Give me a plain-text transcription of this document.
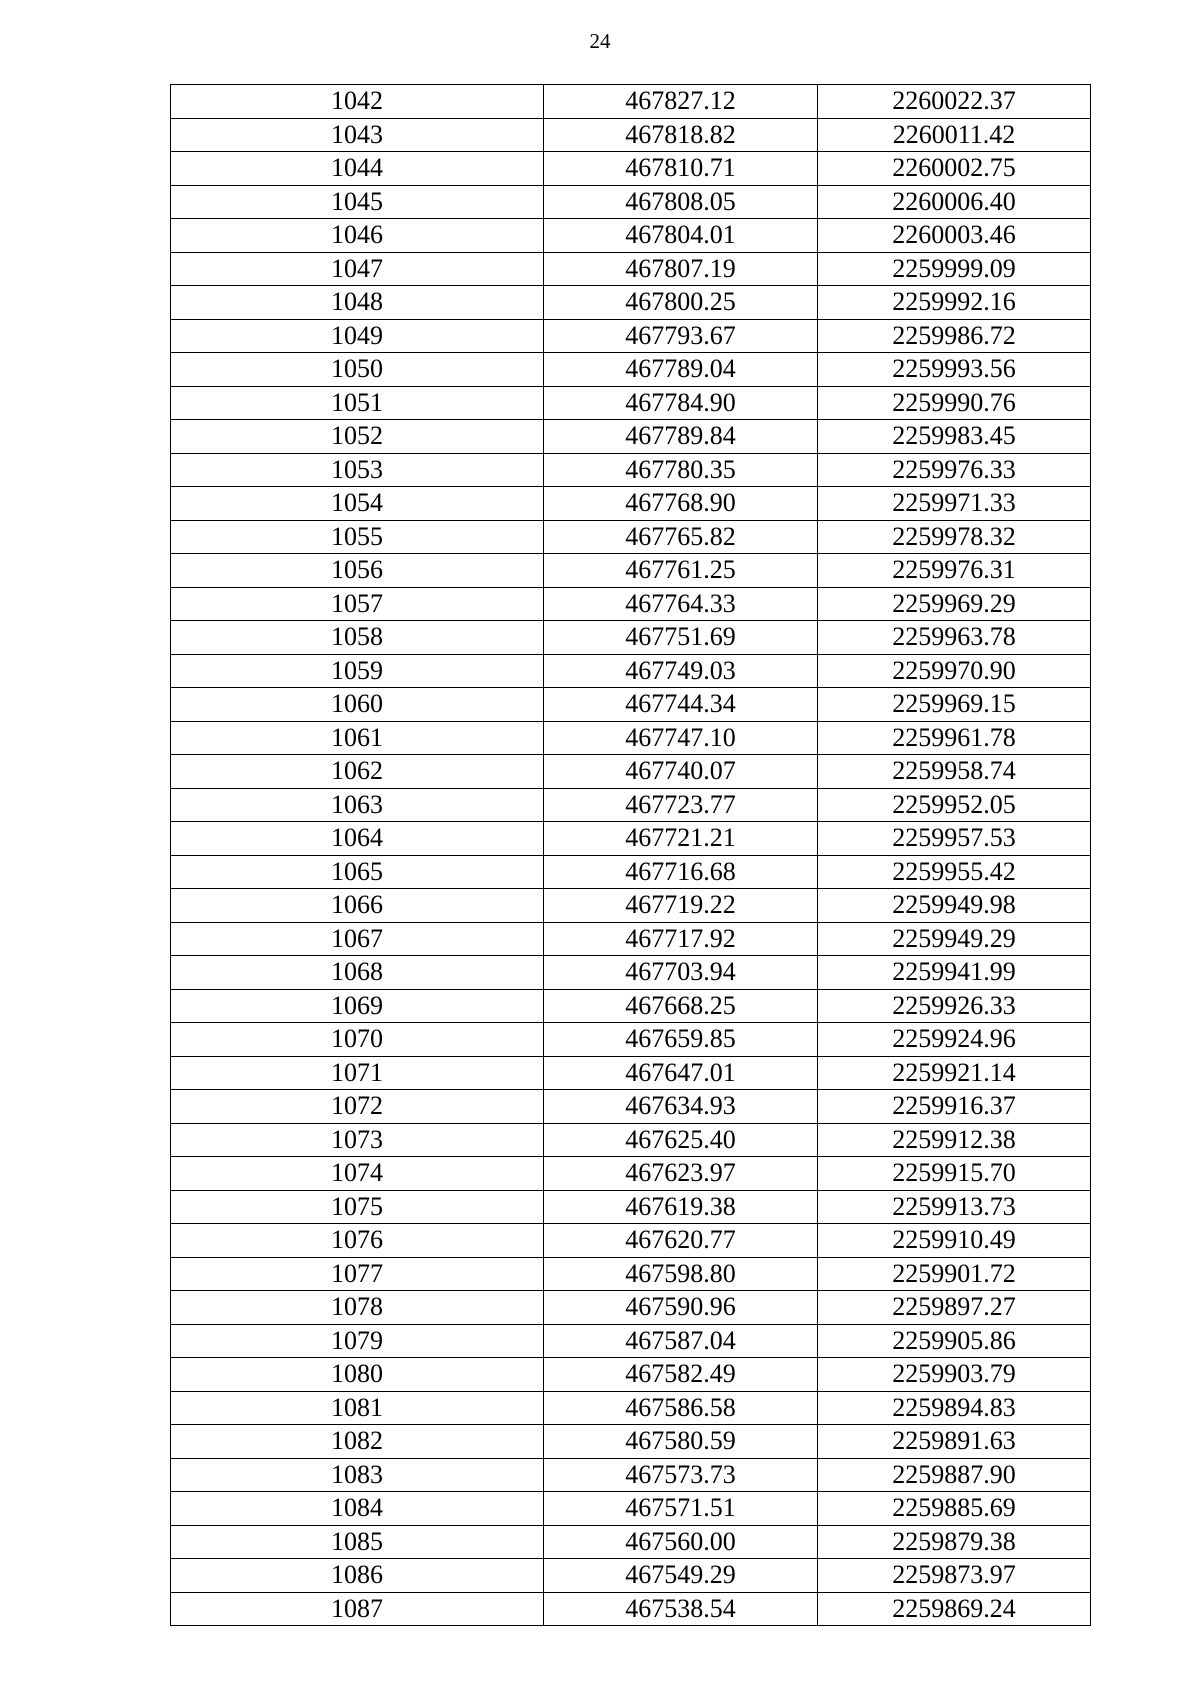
24
1042	467827.12	2260022.37
1043	467818.82	2260011.42
1044	467810.71	2260002.75
1045	467808.05	2260006.40
1046	467804.01	2260003.46
1047	467807.19	2259999.09
1048	467800.25	2259992.16
1049	467793.67	2259986.72
1050	467789.04	2259993.56
1051	467784.90	2259990.76
1052	467789.84	2259983.45
1053	467780.35	2259976.33
1054	467768.90	2259971.33
1055	467765.82	2259978.32
1056	467761.25	2259976.31
1057	467764.33	2259969.29
1058	467751.69	2259963.78
1059	467749.03	2259970.90
1060	467744.34	2259969.15
1061	467747.10	2259961.78
1062	467740.07	2259958.74
1063	467723.77	2259952.05
1064	467721.21	2259957.53
1065	467716.68	2259955.42
1066	467719.22	2259949.98
1067	467717.92	2259949.29
1068	467703.94	2259941.99
1069	467668.25	2259926.33
1070	467659.85	2259924.96
1071	467647.01	2259921.14
1072	467634.93	2259916.37
1073	467625.40	2259912.38
1074	467623.97	2259915.70
1075	467619.38	2259913.73
1076	467620.77	2259910.49
1077	467598.80	2259901.72
1078	467590.96	2259897.27
1079	467587.04	2259905.86
1080	467582.49	2259903.79
1081	467586.58	2259894.83
1082	467580.59	2259891.63
1083	467573.73	2259887.90
1084	467571.51	2259885.69
1085	467560.00	2259879.38
1086	467549.29	2259873.97
1087	467538.54	2259869.24
